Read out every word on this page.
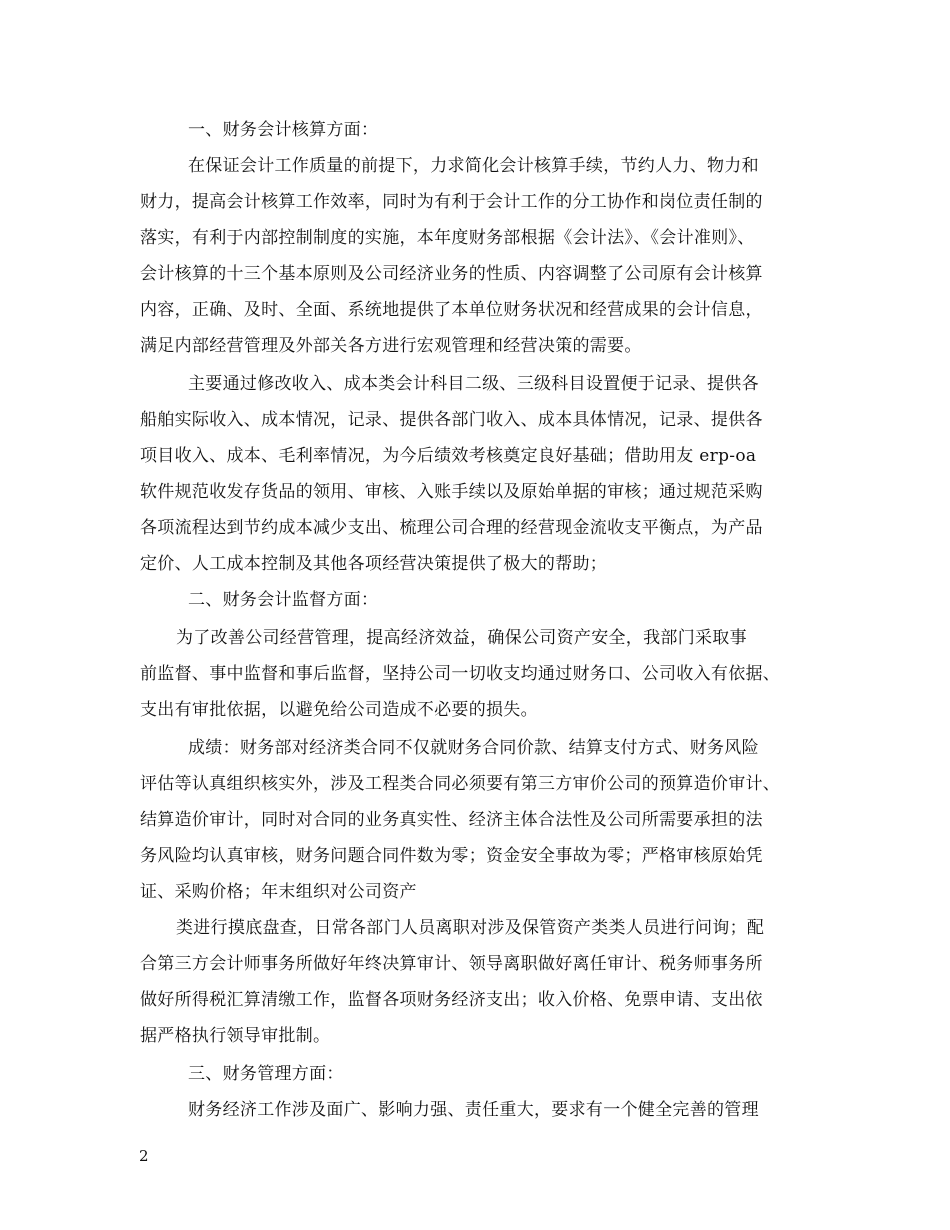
一、财务会计核算方面：
在保证会计工作质量的前提下，力求简化会计核算手续，节约人力、物力和
财力，提高会计核算工作效率，同时为有利于会计工作的分工协作和岗位责任制的
落实，有利于内部控制制度的实施，本年度财务部根据《会计法》、《会计准则》、
会计核算的十三个基本原则及公司经济业务的性质、内容调整了公司原有会计核算
内容，正确、及时、全面、系统地提供了本单位财务状况和经营成果的会计信息，
满足内部经营管理及外部关各方进行宏观管理和经营决策的需要。
主要通过修改收入、成本类会计科目二级、三级科目设置便于记录、提供各
船舶实际收入、成本情况，记录、提供各部门收入、成本具体情况，记录、提供各
项目收入、成本、毛利率情况，为今后绩效考核奠定良好基础；借助用友 erp-oa
软件规范收发存货品的领用、审核、入账手续以及原始单据的审核；通过规范采购
各项流程达到节约成本减少支出、梳理公司合理的经营现金流收支平衡点，为产品
定价、人工成本控制及其他各项经营决策提供了极大的帮助；
二、财务会计监督方面：
为了改善公司经营管理，提高经济效益，确保公司资产安全，我部门采取事
前监督、事中监督和事后监督，坚持公司一切收支均通过财务口、公司收入有依据、
支出有审批依据，以避免给公司造成不必要的损失。
成绩：财务部对经济类合同不仅就财务合同价款、结算支付方式、财务风险
评估等认真组织核实外，涉及工程类合同必须要有第三方审价公司的预算造价审计、
结算造价审计，同时对合同的业务真实性、经济主体合法性及公司所需要承担的法
务风险均认真审核，财务问题合同件数为零；资金安全事故为零；严格审核原始凭
证、采购价格；年末组织对公司资产
类进行摸底盘查，日常各部门人员离职对涉及保管资产类类人员进行问询；配
合第三方会计师事务所做好年终决算审计、领导离职做好离任审计、税务师事务所
做好所得税汇算清缴工作，监督各项财务经济支出；收入价格、免票申请、支出依
据严格执行领导审批制。
三、财务管理方面：
财务经济工作涉及面广、影响力强、责任重大，要求有一个健全完善的管理
2
